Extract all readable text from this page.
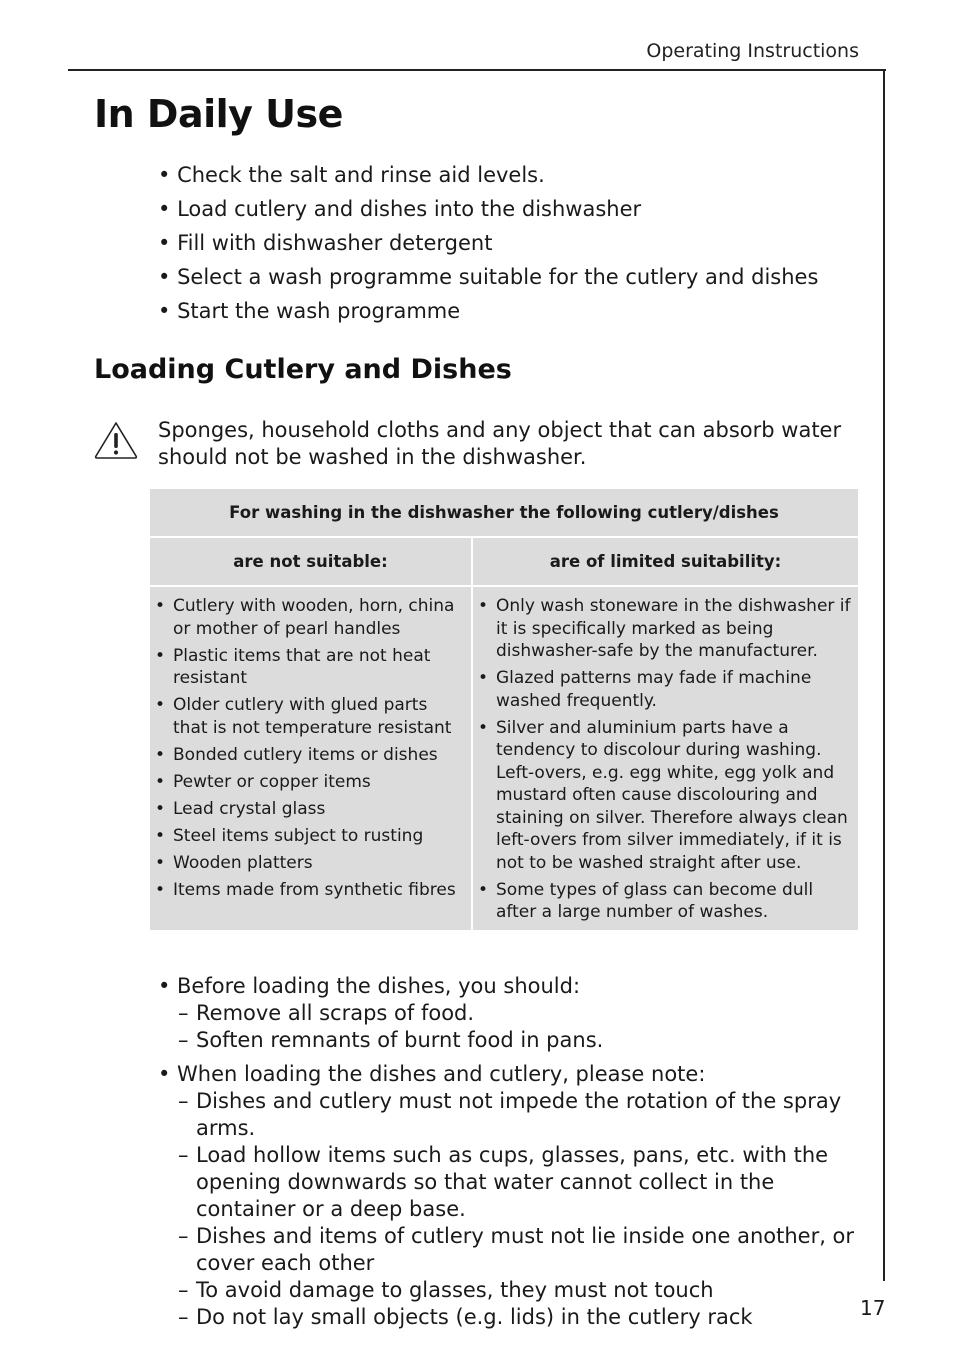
Operating Instructions
In Daily Use
• Check the salt and rinse aid levels.
• Load cutlery and dishes into the dishwasher
• Fill with dishwasher detergent
• Select a wash programme suitable for the cutlery and dishes
• Start the wash programme
Loading Cutlery and Dishes
Sponges, household cloths and any object that can absorb water should not be washed in the dishwasher.
For washing in the dishwasher the following cutlery/dishes
are not suitable:	are of limited suitability:
• Cutlery with wooden, horn, china or mother of pearl handles
• Plastic items that are not heat resistant
• Older cutlery with glued parts that is not temperature resistant
• Bonded cutlery items or dishes
• Pewter or copper items
• Lead crystal glass
• Steel items subject to rusting
• Wooden platters
• Items made from synthetic fibres
• Only wash stoneware in the dishwasher if it is specifically marked as being dishwasher-safe by the manufacturer.
• Glazed patterns may fade if machine washed frequently.
• Silver and aluminium parts have a tendency to discolour during washing. Left-overs, e.g. egg white, egg yolk and mustard often cause discolouring and staining on silver. Therefore always clean left-overs from silver immediately, if it is not to be washed straight after use.
• Some types of glass can become dull after a large number of washes.
• Before loading the dishes, you should:
– Remove all scraps of food.
– Soften remnants of burnt food in pans.
• When loading the dishes and cutlery, please note:
– Dishes and cutlery must not impede the rotation of the spray arms.
– Load hollow items such as cups, glasses, pans, etc. with the opening downwards so that water cannot collect in the container or a deep base.
– Dishes and items of cutlery must not lie inside one another, or cover each other
– To avoid damage to glasses, they must not touch
– Do not lay small objects (e.g. lids) in the cutlery rack	17
